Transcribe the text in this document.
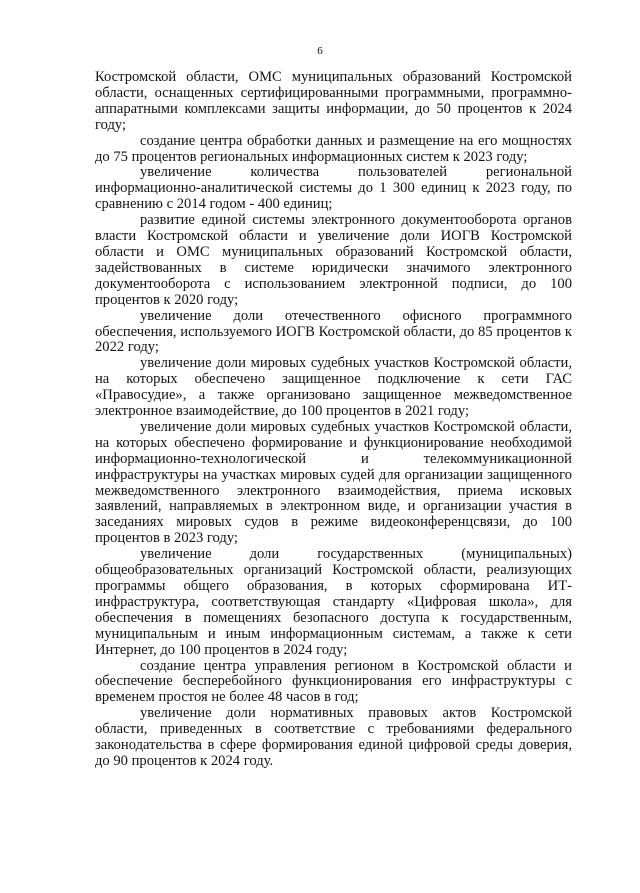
6

Костромской области, ОМС муниципальных образований Костромской области, оснащенных сертифицированными программными, программно-аппаратными комплексами защиты информации, до 50 процентов к 2024 году;

создание центра обработки данных и размещение на его мощностях до 75 процентов региональных информационных систем к 2023 году;

увеличение количества пользователей региональной информационно-аналитической системы до 1 300 единиц к 2023 году, по сравнению с 2014 годом - 400 единиц;

развитие единой системы электронного документооборота органов власти Костромской области и увеличение доли ИОГВ Костромской области и ОМС муниципальных образований Костромской области, задействованных в системе юридически значимого электронного документооборота с использованием электронной подписи, до 100 процентов к 2020 году;

увеличение доли отечественного офисного программного обеспечения, используемого ИОГВ Костромской области, до 85 процентов к 2022 году;

увеличение доли мировых судебных участков Костромской области, на которых обеспечено защищенное подключение к сети ГАС «Правосудие», а также организовано защищенное межведомственное электронное взаимодействие, до 100 процентов в 2021 году;

увеличение доли мировых судебных участков Костромской области, на которых обеспечено формирование и функционирование необходимой информационно-технологической и телекоммуникационной инфраструктуры на участках мировых судей для организации защищенного межведомственного электронного взаимодействия, приема исковых заявлений, направляемых в электронном виде, и организации участия в заседаниях мировых судов в режиме видеоконференцсвязи, до 100 процентов в 2023 году;

увеличение доли государственных (муниципальных) общеобразовательных организаций Костромской области, реализующих программы общего образования, в которых сформирована ИТ-инфраструктура, соответствующая стандарту «Цифровая школа», для обеспечения в помещениях безопасного доступа к государственным, муниципальным и иным информационным системам, а также к сети Интернет, до 100 процентов в 2024 году;

создание центра управления регионом в Костромской области и обеспечение бесперебойного функционирования его инфраструктуры с временем простоя не более 48 часов в год;

увеличение доли нормативных правовых актов Костромской области, приведенных в соответствие с требованиями федерального законодательства в сфере формирования единой цифровой среды доверия, до 90 процентов к 2024 году.
